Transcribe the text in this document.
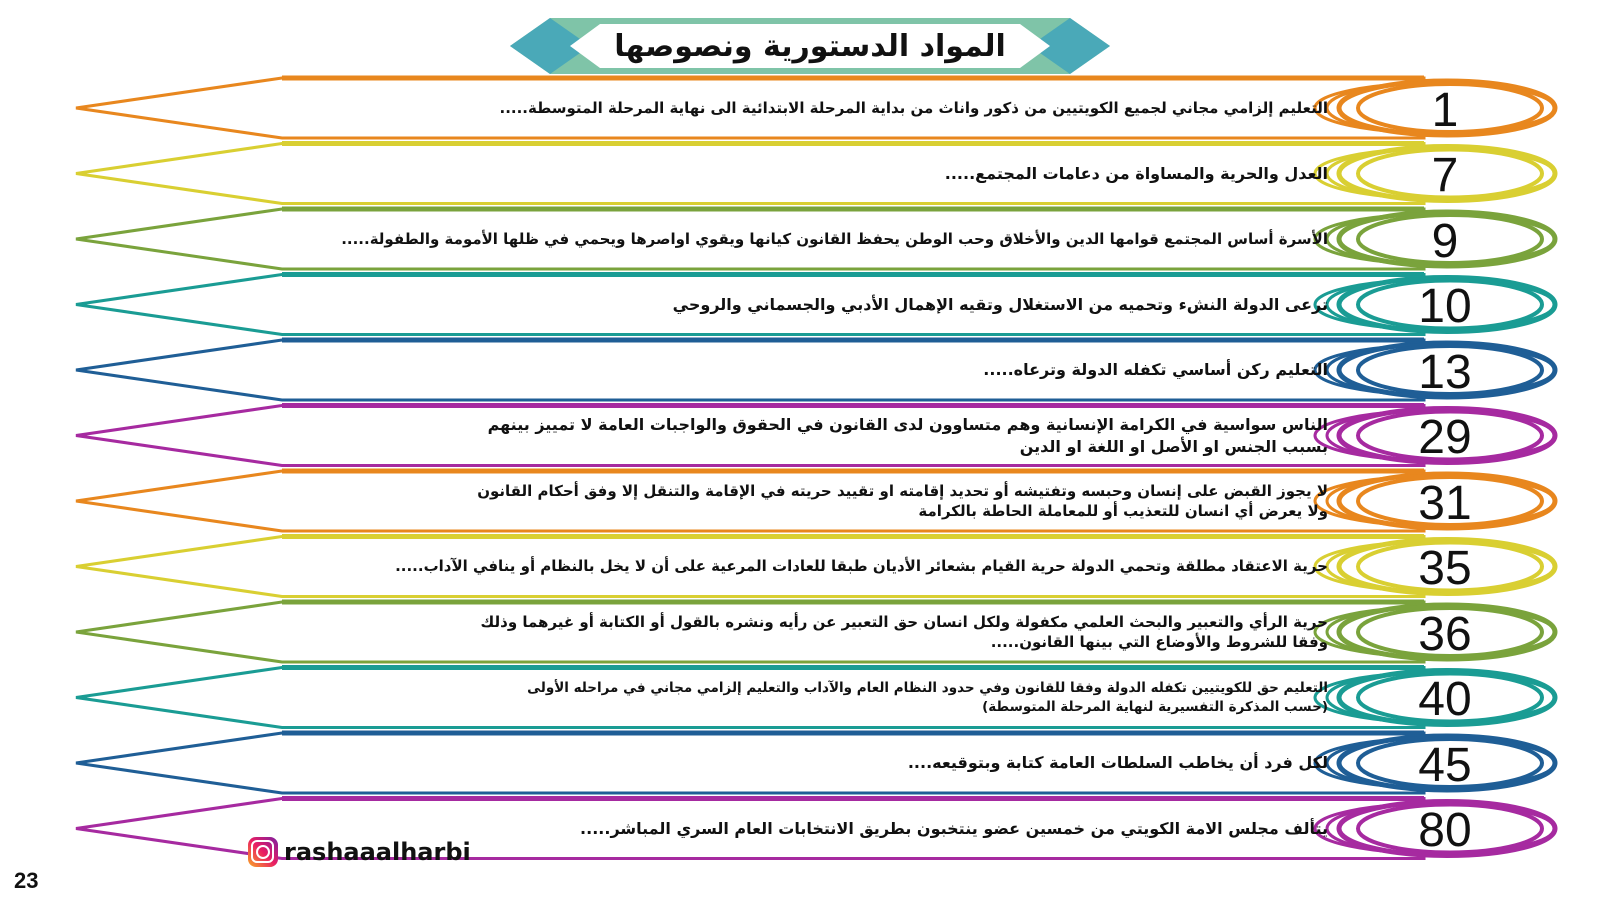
المواد الدستورية ونصوصها
1
التعليم إلزامي مجاني لجميع الكويتيين من ذكور واناث من بداية المرحلة الابتدائية الى نهاية المرحلة المتوسطة.....
7
العدل والحرية والمساواة من دعامات المجتمع.....
9
الأسرة أساس المجتمع قوامها الدين والأخلاق وحب الوطن يحفظ القانون كيانها ويقوي اواصرها ويحمي في ظلها الأمومة والطفولة.....
10
ترعى الدولة النشء وتحميه من الاستغلال وتقيه الإهمال الأدبي والجسماني والروحي
13
التعليم ركن أساسي تكفله الدولة وترعاه.....
29
الناس سواسية في الكرامة الإنسانية وهم متساوون لدى القانون في الحقوق والواجبات العامة لا تمييز بينهم
بسبب الجنس او الأصل او اللغة او الدين
31
لا يجوز القبض على إنسان وحبسه وتفتيشه أو تحديد إقامته او تقييد حريته في الإقامة والتنقل إلا وفق أحكام القانون
ولا يعرض أي انسان للتعذيب أو للمعاملة الحاطة بالكرامة
35
حرية الاعتقاد مطلقة وتحمي الدولة حرية القيام بشعائر الأديان طبقا للعادات المرعية على أن لا يخل بالنظام أو ينافي الآداب.....
36
حرية الرأي والتعبير والبحث العلمي مكفولة ولكل انسان حق التعبير عن رأيه ونشره بالقول أو الكتابة أو غيرهما وذلك
وفقا للشروط والأوضاع التي بينها القانون.....
40
التعليم حق للكويتيين تكفله الدولة وفقا للقانون وفي حدود النظام العام والآداب والتعليم إلزامي مجاني في مراحله الأولى
(حسب المذكرة التفسيرية لنهاية المرحلة المتوسطة)
45
لكل فرد أن يخاطب السلطات العامة كتابة وبتوقيعه....
80
يتألف مجلس الامة الكويتي من خمسين عضو ينتخبون بطريق الانتخابات العام السري المباشر.....
rashaaalharbi
23
